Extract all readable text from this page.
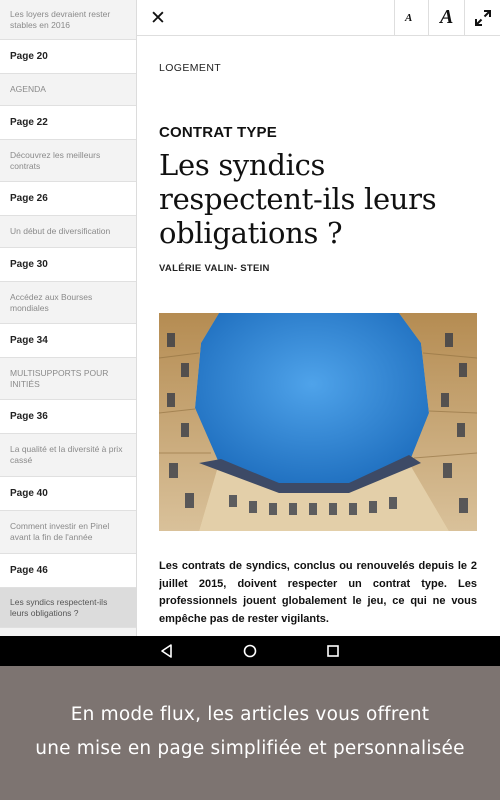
Les loyers devraient rester stables en 2016
Page 20
AGENDA
Page 22
Découvrez les meilleurs contrats
Page 26
Un début de diversification
Page 30
Accédez aux Bourses mondiales
Page 34
MULTISUPPORTS POUR INITIÉS
Page 36
La qualité et la diversité à prix cassé
Page 40
Comment investir en Pinel avant la fin de l'année
Page 46
Les syndics respectent-ils leurs obligations ?
✕	A A
LOGEMENT
CONTRAT TYPE
Les syndics respectent-ils leurs obligations ?
VALÉRIE VALIN- STEIN

Les contrats de syndics, conclus ou renouvelés depuis le 2 juillet 2015, doivent respecter un contrat type. Les professionnels jouent globalement le jeu, ce qui ne vous empêche pas de rester vigilants.

En mode flux, les articles vous offrent
une mise en page simplifiée et personnalisée
